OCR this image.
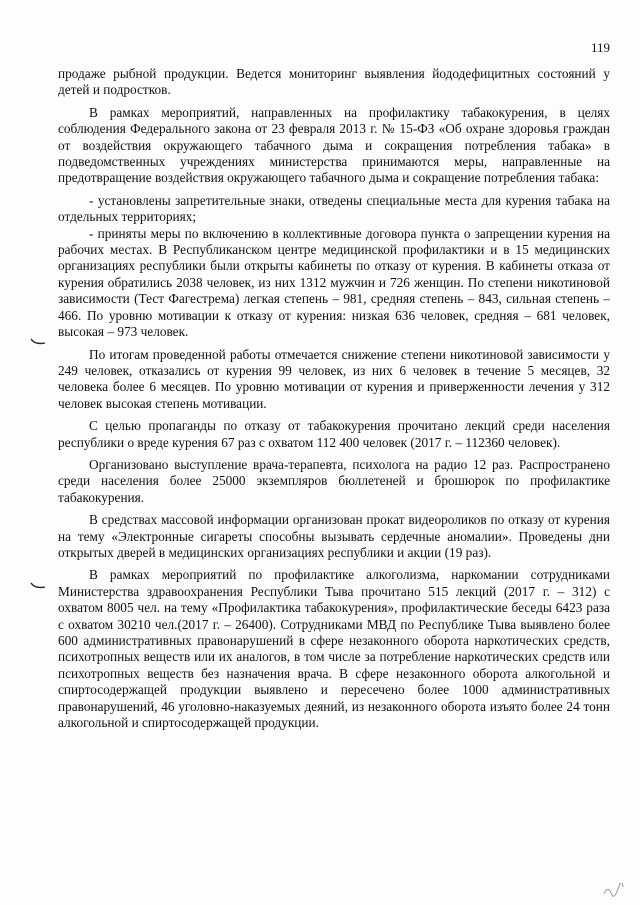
119

продаже рыбной продукции. Ведется мониторинг выявления йододефицитных состояний у детей и подростков.

В рамках мероприятий, направленных на профилактику табакокурения, в целях соблюдения Федерального закона от 23 февраля 2013 г. № 15-ФЗ «Об охране здоровья граждан от воздействия окружающего табачного дыма и сокращения потребления табака» в подведомственных учреждениях министерства принимаются меры, направленные на предотвращение воздействия окружающего табачного дыма и сокращение потребления табака:

- установлены запретительные знаки, отведены специальные места для курения табака на отдельных территориях;

- приняты меры по включению в коллективные договора пункта о запрещении курения на рабочих местах. В Республиканском центре медицинской профилактики и в 15 медицинских организациях республики были открыты кабинеты по отказу от курения. В кабинеты отказа от курения обратились 2038 человек, из них 1312 мужчин и 726 женщин. По степени никотиновой зависимости (Тест Фагестрема) легкая степень – 981, средняя степень – 843, сильная степень – 466. По уровню мотивации к отказу от курения: низкая 636 человек, средняя – 681 человек, высокая – 973 человек.

По итогам проведенной работы отмечается снижение степени никотиновой зависимости у 249 человек, отказались от курения 99 человек, из них 6 человек в течение 5 месяцев, 32 человека более 6 месяцев. По уровню мотивации от курения и приверженности лечения у 312 человек высокая степень мотивации.

С целью пропаганды по отказу от табакокурения прочитано лекций среди населения республики о вреде курения 67 раз с охватом 112 400 человек (2017 г. – 112360 человек).

Организовано выступление врача-терапевта, психолога на радио 12 раз. Распространено среди населения более 25000 экземпляров бюллетеней и брошюрок по профилактике табакокурения.

В средствах массовой информации организован прокат видеороликов по отказу от курения на тему «Электронные сигареты способны вызывать сердечные аномалии». Проведены дни открытых дверей в медицинских организациях республики и акции (19 раз).

В рамках мероприятий по профилактике алкоголизма, наркомании сотрудниками Министерства здравоохранения Республики Тыва прочитано 515 лекций (2017 г. – 312) с охватом 8005 чел. на тему «Профилактика табакокурения», профилактические беседы 6423 раза с охватом 30210 чел.(2017 г. – 26400). Сотрудниками МВД по Республике Тыва выявлено более 600 административных правонарушений в сфере незаконного оборота наркотических средств, психотропных веществ или их аналогов, в том числе за потребление наркотических средств или психотропных веществ без назначения врача. В сфере незаконного оборота алкогольной и спиртосодержащей продукции выявлено и пересечено более 1000 административных правонарушений, 46 уголовно-наказуемых деяний, из незаконного оборота изъято более 24 тонн алкогольной и спиртосодержащей продукции.
